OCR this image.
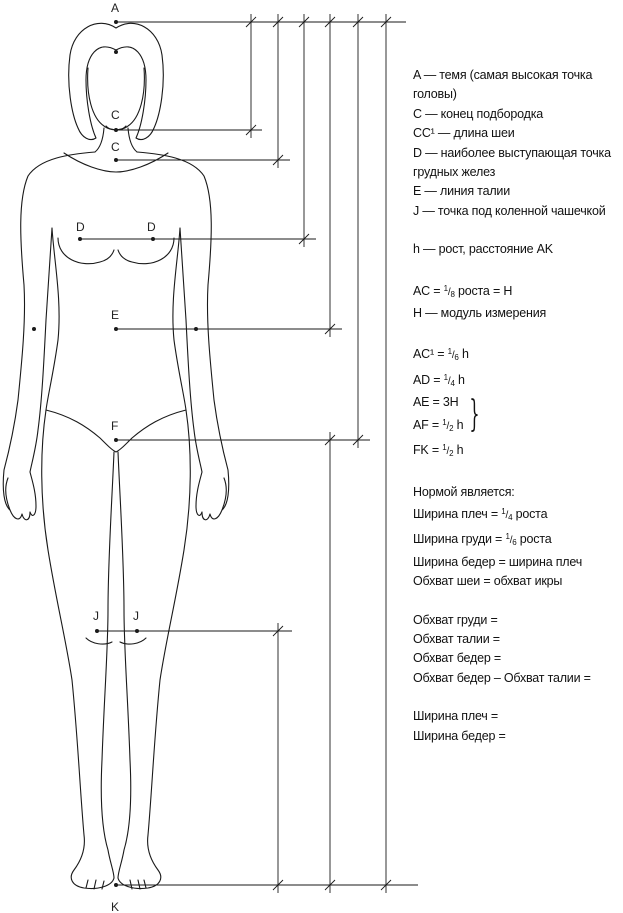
A
C
C
D	D
E
F
J	J
K

A — темя (самая высокая точка головы)

C — конец подбородка

CC¹ — длина шеи

D — наиболее выступающая точка грудных желез

E — линия талии

J — точка под коленной чашечкой

h — рост, расстояние AK

AC = $^1/_8$ роста = H

H — модуль измерения

$AC^1 = ^1/_6$ h

AD = $^1/_4$ h

AE = 3H

AF = $^1/_2$ h }

FK = $^1/_2$ h

Нормой является:

Ширина плеч = $^1/_4$ роста

Ширина груди = $^1/_6$ роста

Ширина бедер = ширина плеч

Обхват шеи = обхват икры

Обхват груди =

Обхват талии =

Обхват бедер =

Обхват бедер – Обхват талии =

Ширина плеч =

Ширина бедер =
